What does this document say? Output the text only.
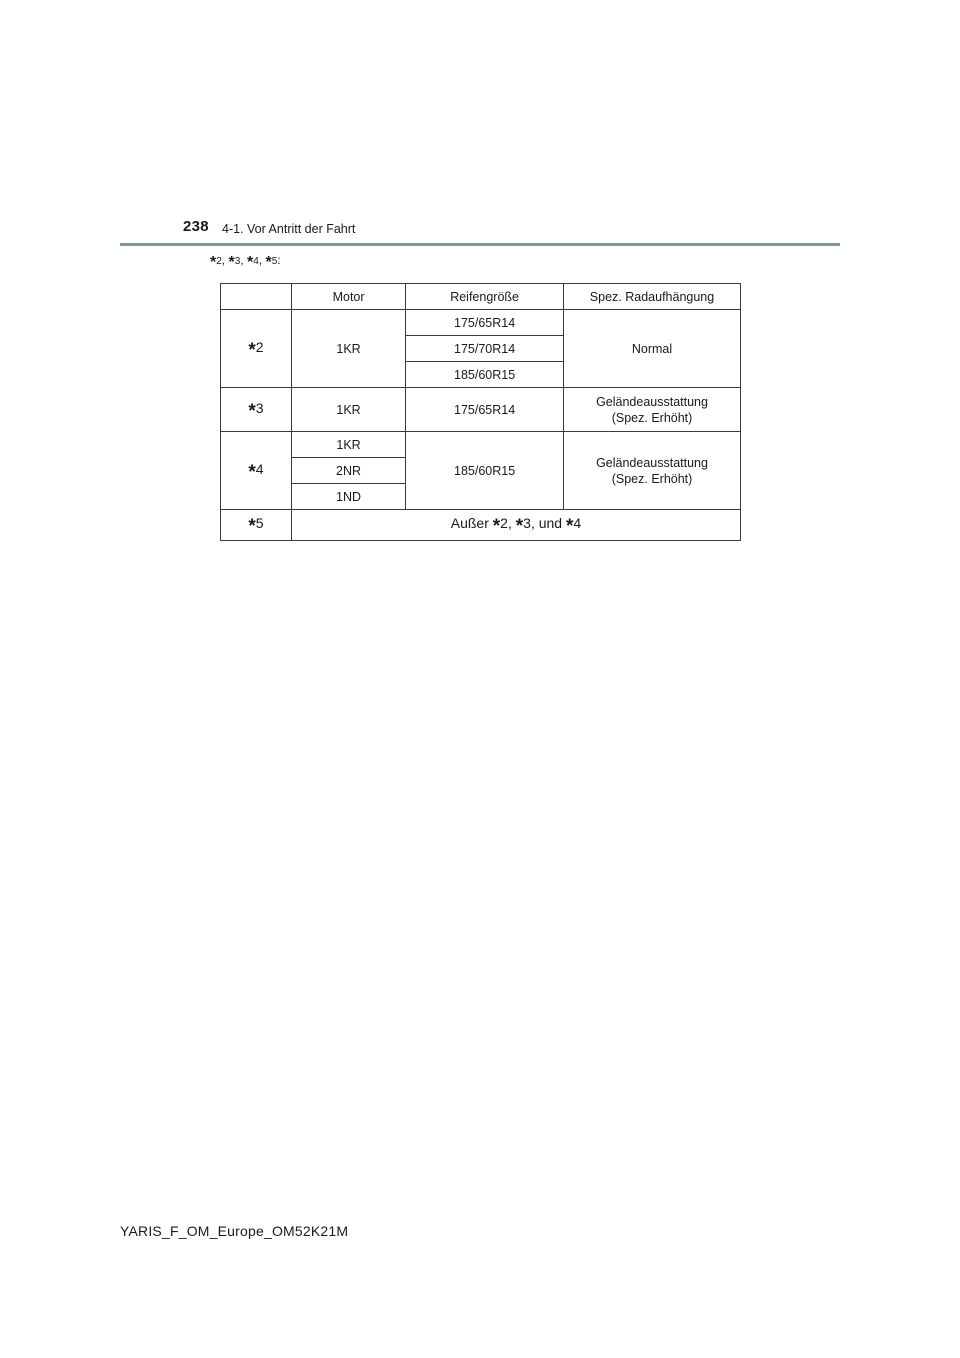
238 4-1. Vor Antritt der Fahrt
*2, *3, *4, *5:
	Motor	Reifengröße	Spez. Radaufhängung
*2	1KR	175/65R14	Normal
		175/70R14	
		185/60R15	
*3	1KR	175/65R14	Geländeausstattung
(Spez. Erhöht)

*4	1KR	185/60R15	Geländeausstattung
(Spez. Erhöht)

	2NR		
	1ND		
*5	Außer *2, *3, und *4		
YARIS_F_OM_Europe_OM52K21M
